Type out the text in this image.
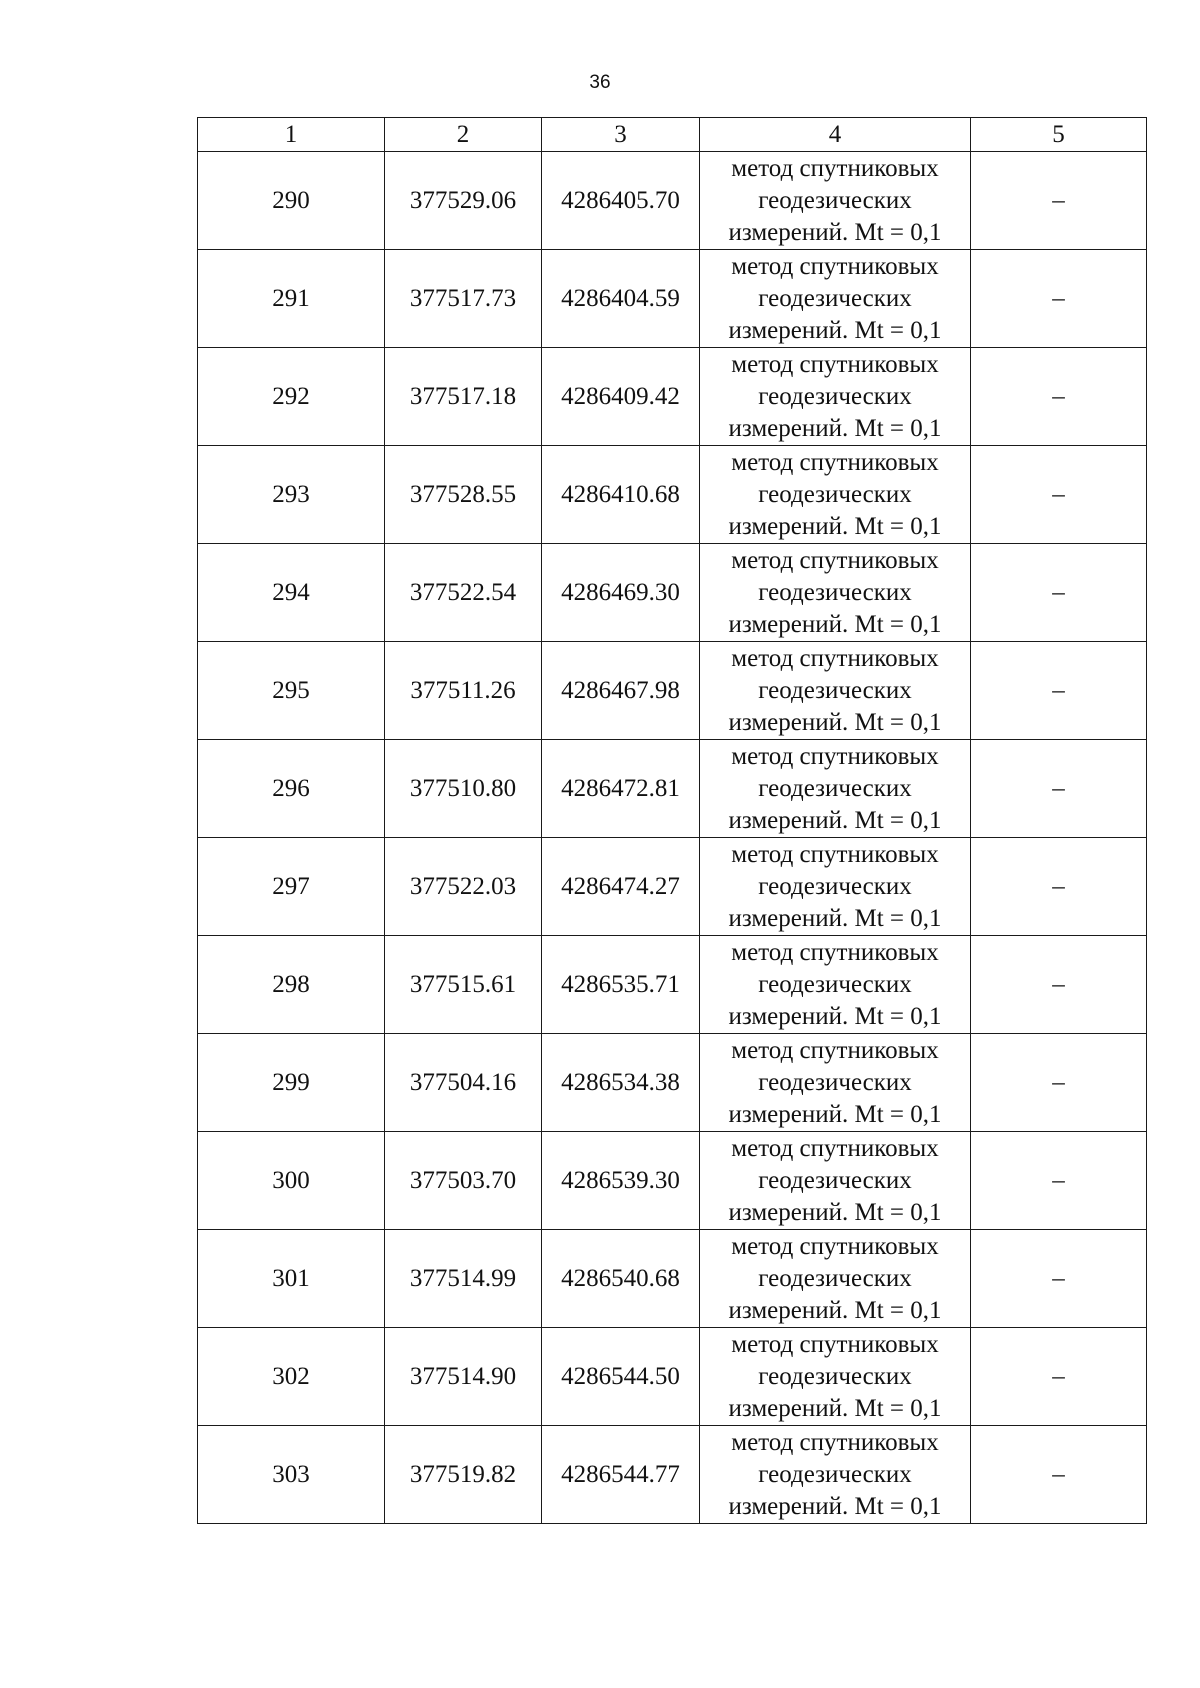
36
1	2	3	4	5
290	377529.06	4286405.70	метод спутниковых
геодезических
измерений. Mt = 0,1	–
291	377517.73	4286404.59	метод спутниковых
геодезических
измерений. Mt = 0,1	–
292	377517.18	4286409.42	метод спутниковых
геодезических
измерений. Mt = 0,1	–
293	377528.55	4286410.68	метод спутниковых
геодезических
измерений. Mt = 0,1	–
294	377522.54	4286469.30	метод спутниковых
геодезических
измерений. Mt = 0,1	–
295	377511.26	4286467.98	метод спутниковых
геодезических
измерений. Mt = 0,1	–
296	377510.80	4286472.81	метод спутниковых
геодезических
измерений. Mt = 0,1	–
297	377522.03	4286474.27	метод спутниковых
геодезических
измерений. Mt = 0,1	–
298	377515.61	4286535.71	метод спутниковых
геодезических
измерений. Mt = 0,1	–
299	377504.16	4286534.38	метод спутниковых
геодезических
измерений. Mt = 0,1	–
300	377503.70	4286539.30	метод спутниковых
геодезических
измерений. Mt = 0,1	–
301	377514.99	4286540.68	метод спутниковых
геодезических
измерений. Mt = 0,1	–
302	377514.90	4286544.50	метод спутниковых
геодезических
измерений. Mt = 0,1	–
303	377519.82	4286544.77	метод спутниковых
геодезических
измерений. Mt = 0,1	–
